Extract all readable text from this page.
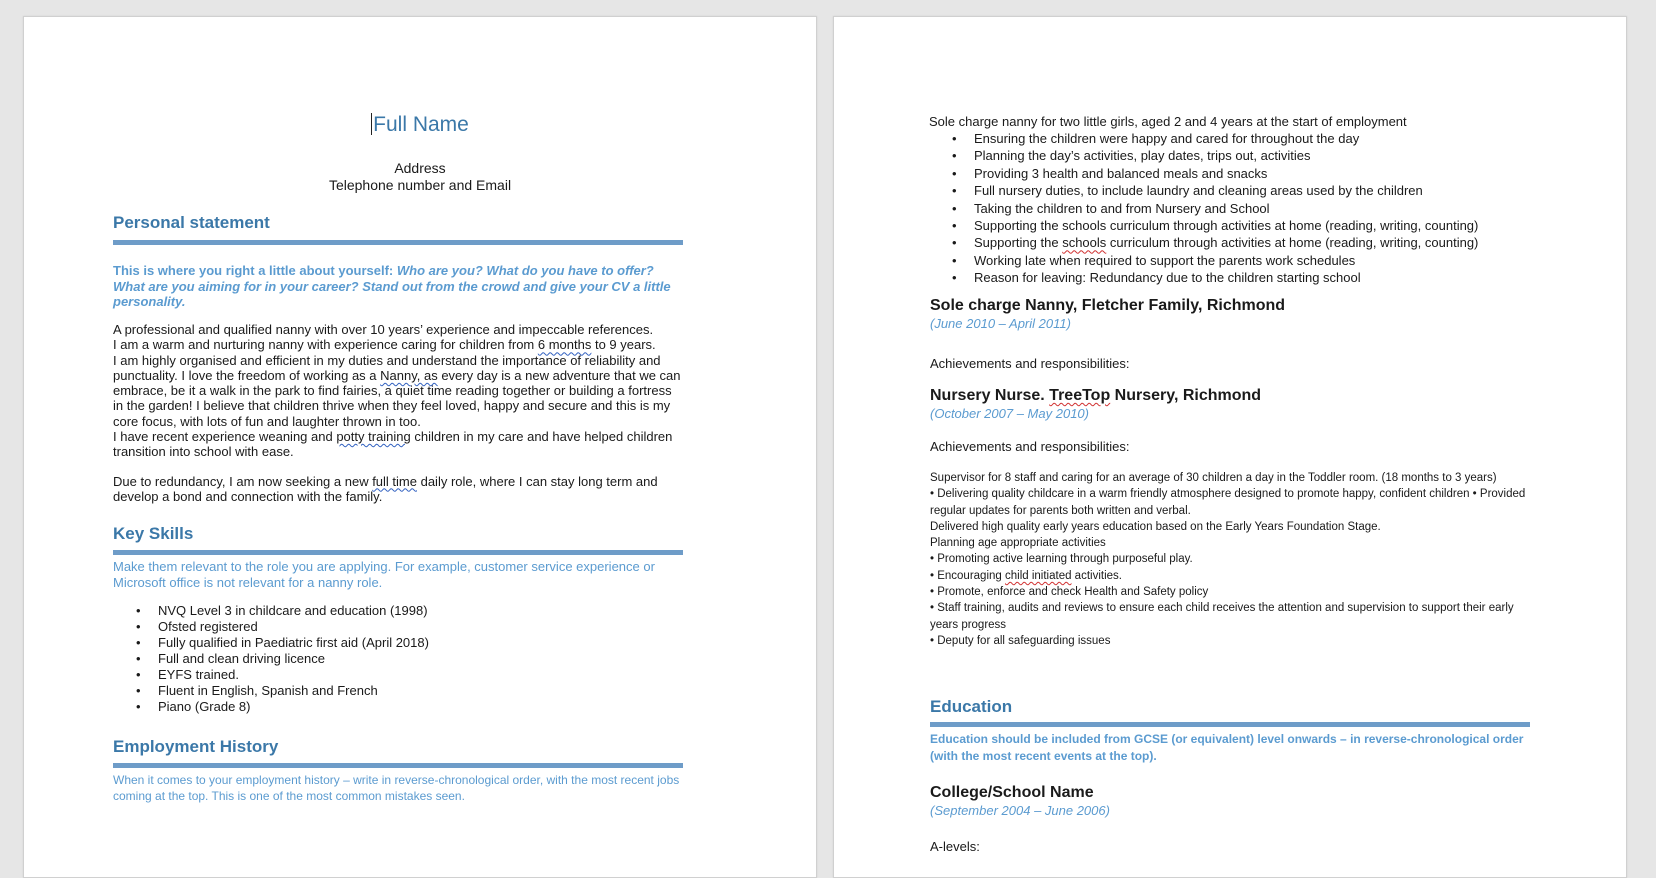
Full Name
Address
Telephone number and Email
Personal statement
This is where you right a little about yourself: Who are you? What do you have to offer? What are you aiming for in your career? Stand out from the crowd and give your CV a little personality.
A professional and qualified nanny with over 10 years’ experience and impeccable references.
I am a warm and nurturing nanny with experience caring for children from 6 months to 9 years.
I am highly organised and efficient in my duties and understand the importance of reliability and punctuality. I love the freedom of working as a Nanny, as every day is a new adventure that we can embrace, be it a walk in the park to find fairies, a quiet time reading together or building a fortress in the garden! I believe that children thrive when they feel loved, happy and secure and this is my core focus, with lots of fun and laughter thrown in too.
I have recent experience weaning and potty training children in my care and have helped children transition into school with ease.
Due to redundancy, I am now seeking a new full time daily role, where I can stay long term and develop a bond and connection with the family.
Key Skills
Make them relevant to the role you are applying. For example, customer service experience or Microsoft office is not relevant for a nanny role.
• NVQ Level 3 in childcare and education (1998)
• Ofsted registered
• Fully qualified in Paediatric first aid (April 2018)
• Full and clean driving licence
• EYFS trained.
• Fluent in English, Spanish and French
• Piano (Grade 8)
Employment History
When it comes to your employment history – write in reverse-chronological order, with the most recent jobs coming at the top. This is one of the most common mistakes seen.
Sole charge nanny for two little girls, aged 2 and 4 years at the start of employment
• Ensuring the children were happy and cared for throughout the day
• Planning the day’s activities, play dates, trips out, activities
• Providing 3 health and balanced meals and snacks
• Full nursery duties, to include laundry and cleaning areas used by the children
• Taking the children to and from Nursery and School
• Supporting the schools curriculum through activities at home (reading, writing, counting)
• Supporting the schools curriculum through activities at home (reading, writing, counting)
• Working late when required to support the parents work schedules
• Reason for leaving: Redundancy due to the children starting school
Sole charge Nanny, Fletcher Family, Richmond
(June 2010 – April 2011)
Achievements and responsibilities:
Nursery Nurse. TreeTop Nursery, Richmond
(October 2007 – May 2010)
Achievements and responsibilities:
Supervisor for 8 staff and caring for an average of 30 children a day in the Toddler room. (18 months to 3 years)
• Delivering quality childcare in a warm friendly atmosphere designed to promote happy, confident children • Provided regular updates for parents both written and verbal.
Delivered high quality early years education based on the Early Years Foundation Stage.
Planning age appropriate activities
• Promoting active learning through purposeful play.
• Encouraging child initiated activities.
• Promote, enforce and check Health and Safety policy
• Staff training, audits and reviews to ensure each child receives the attention and supervision to support their early years progress
• Deputy for all safeguarding issues
Education
Education should be included from GCSE (or equivalent) level onwards – in reverse-chronological order (with the most recent events at the top).
College/School Name
(September 2004 – June 2006)
A-levels:
